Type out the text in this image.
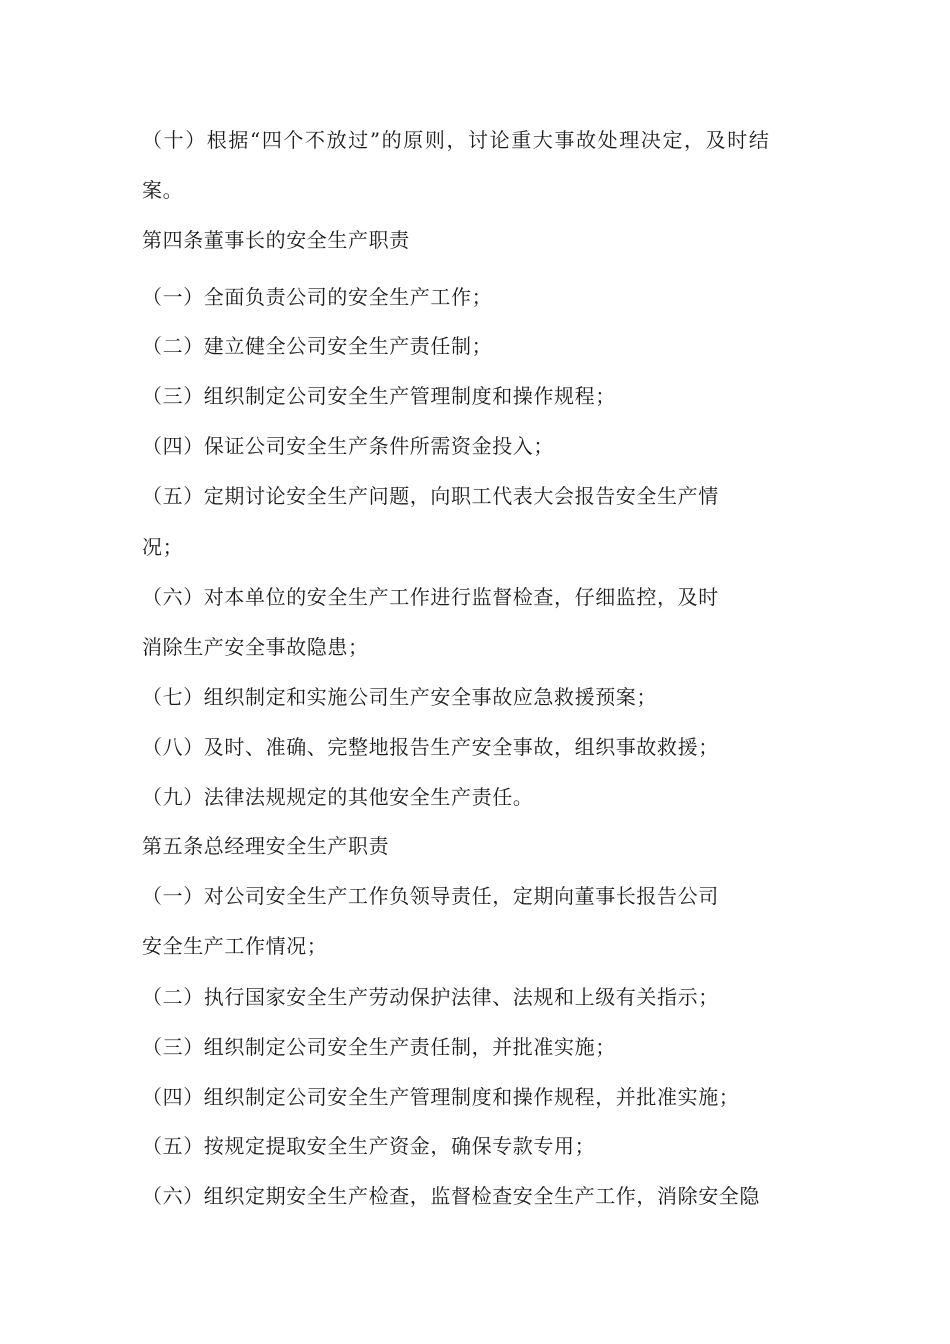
（十）根据“四个不放过”的原则，讨论重大事故处理决定，及时结
案。
第四条董事长的安全生产职责
（一）全面负责公司的安全生产工作；
（二）建立健全公司安全生产责任制；
（三）组织制定公司安全生产管理制度和操作规程；
（四）保证公司安全生产条件所需资金投入；
（五）定期讨论安全生产问题，向职工代表大会报告安全生产情
况；
（六）对本单位的安全生产工作进行监督检查，仔细监控，及时
消除生产安全事故隐患；
（七）组织制定和实施公司生产安全事故应急救援预案；
（八）及时、准确、完整地报告生产安全事故，组织事故救援；
（九）法律法规规定的其他安全生产责任。
第五条总经理安全生产职责
（一）对公司安全生产工作负领导责任，定期向董事长报告公司
安全生产工作情况；
（二）执行国家安全生产劳动保护法律、法规和上级有关指示；
（三）组织制定公司安全生产责任制，并批准实施；
（四）组织制定公司安全生产管理制度和操作规程，并批准实施；
（五）按规定提取安全生产资金，确保专款专用；
（六）组织定期安全生产检查，监督检查安全生产工作，消除安全隐
